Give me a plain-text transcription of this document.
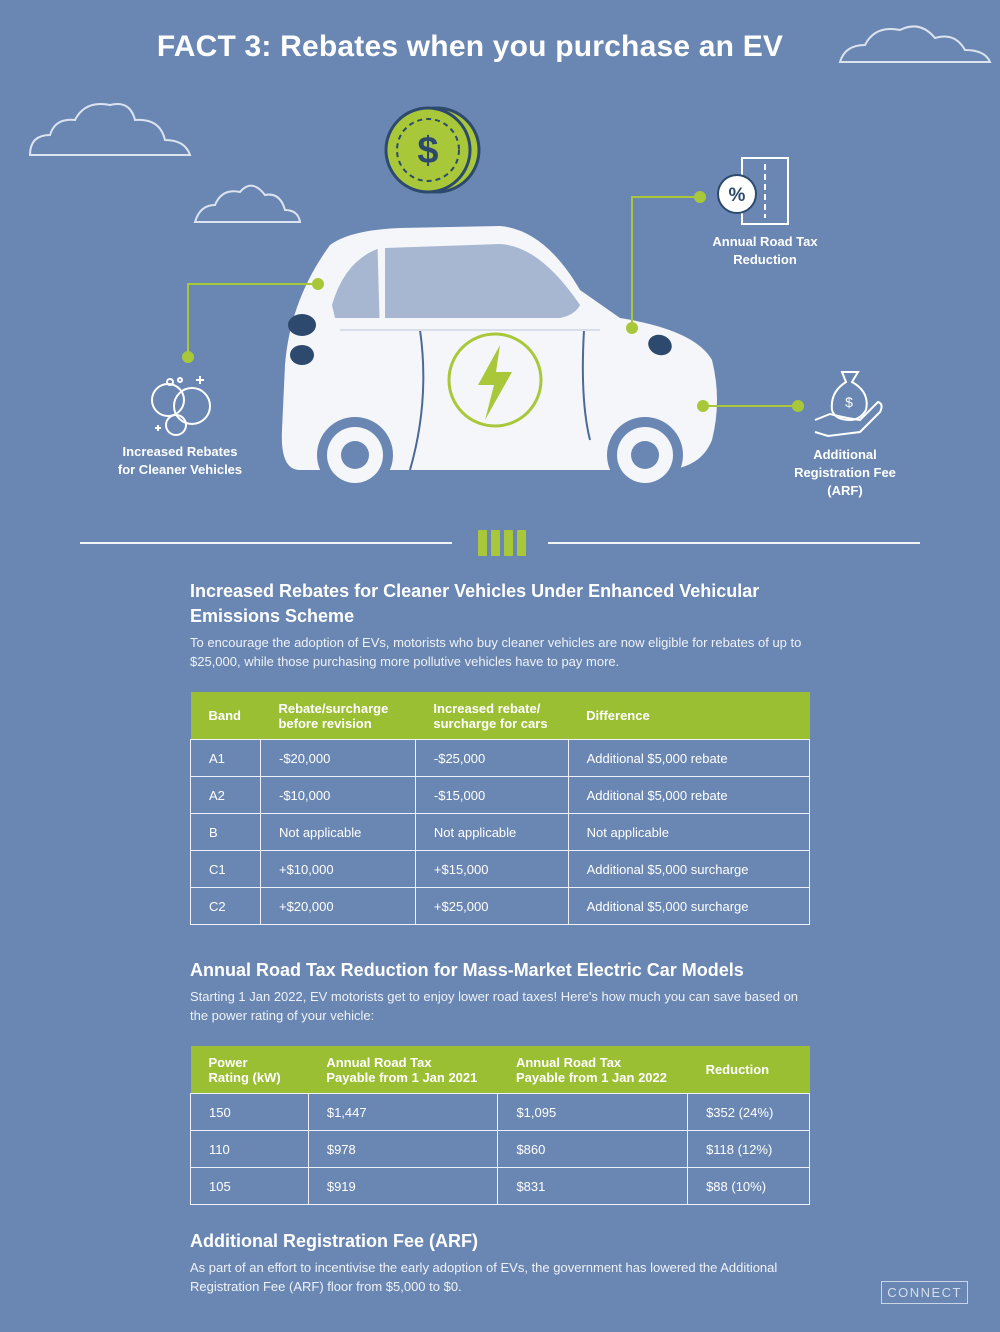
FACT 3: Rebates when you purchase an EV
$
%
$
Increased Rebates
for Cleaner Vehicles
Annual Road Tax
Reduction
Additional
Registration Fee
(ARF)
Increased Rebates for Cleaner Vehicles Under Enhanced Vehicular Emissions Scheme

To encourage the adoption of EVs, motorists who buy cleaner vehicles are now eligible for rebates of up to $25,000, while those purchasing more pollutive vehicles have to pay more.

Band	Rebate/surcharge before revision	Increased rebate/ surcharge for cars	Difference
A1	-$20,000	-$25,000	Additional $5,000 rebate
A2	-$10,000	-$15,000	Additional $5,000 rebate
B	Not applicable	Not applicable	Not applicable
C1	+$10,000	+$15,000	Additional $5,000 surcharge
C2	+$20,000	+$25,000	Additional $5,000 surcharge
Annual Road Tax Reduction for Mass-Market Electric Car Models

Starting 1 Jan 2022, EV motorists get to enjoy lower road taxes! Here's how much you can save based on the power rating of your vehicle:

Power Rating (kW)	Annual Road Tax Payable from 1 Jan 2021	Annual Road Tax Payable from 1 Jan 2022	Reduction
150	$1,447	$1,095	$352 (24%)
110	$978	$860	$118 (12%)
105	$919	$831	$88 (10%)
Additional Registration Fee (ARF)

As part of an effort to incentivise the early adoption of EVs, the government has lowered the Additional Registration Fee (ARF) floor from $5,000 to $0.	CONNECT
